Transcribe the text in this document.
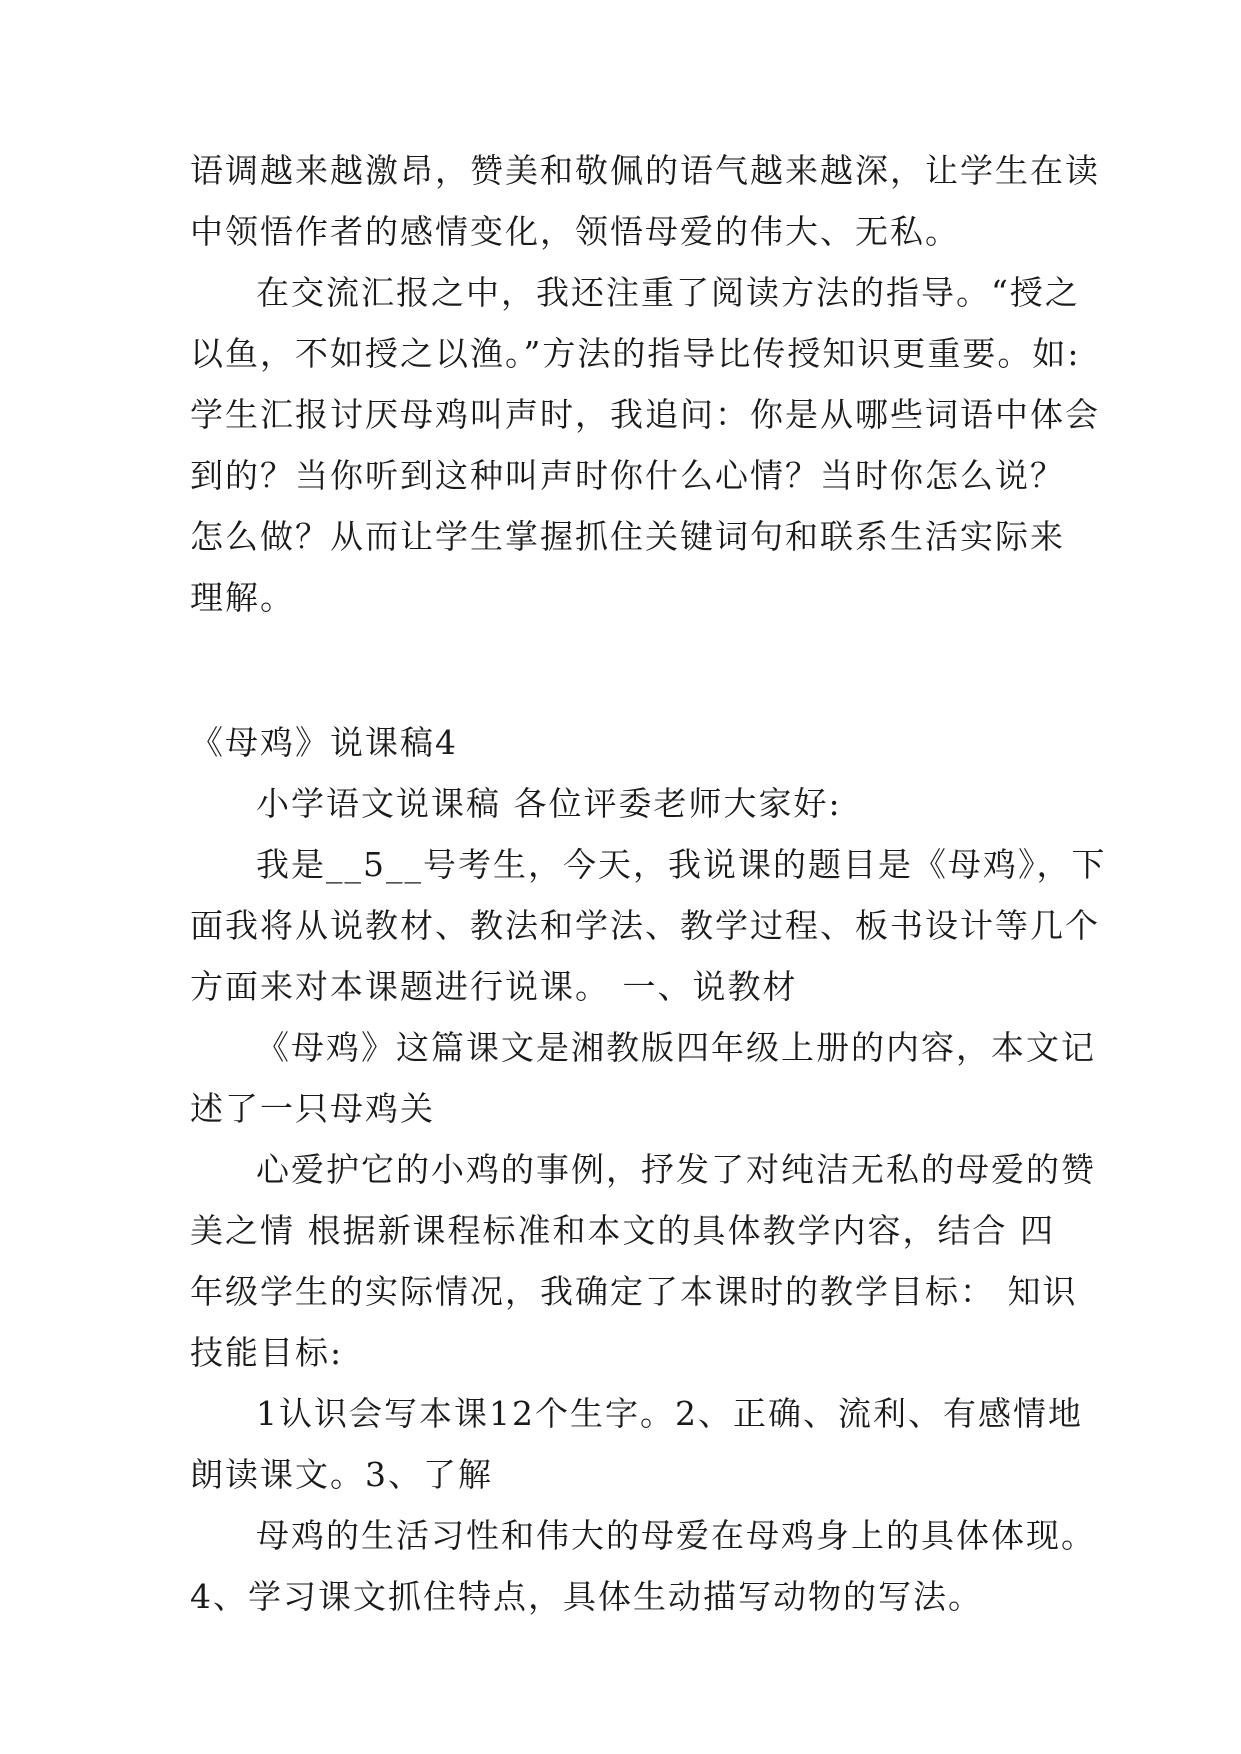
语调越来越激昂，赞美和敬佩的语气越来越深，让学生在读
中领悟作者的感情变化，领悟母爱的伟大、无私。
在交流汇报之中，我还注重了阅读方法的指导。“授之
以鱼，不如授之以渔。”方法的指导比传授知识更重要。如:
学生汇报讨厌母鸡叫声时，我追问：你是从哪些词语中体会
到的？当你听到这种叫声时你什么心情？当时你怎么说？
怎么做？从而让学生掌握抓住关键词句和联系生活实际来
理解。
《母鸡》说课稿4
小学语文说课稿 各位评委老师大家好:
我是__5__号考生，今天，我说课的题目是《母鸡》，下
面我将从说教材、教法和学法、教学过程、板书设计等几个
方面来对本课题进行说课。 一、说教材
《母鸡》这篇课文是湘教版四年级上册的内容，本文记
述了一只母鸡关
心爱护它的小鸡的事例，抒发了对纯洁无私的母爱的赞
美之情 根据新课程标准和本文的具体教学内容，结合 四
年级学生的实际情况，我确定了本课时的教学目标： 知识
技能目标:
1认识会写本课12个生字。2、正确、流利、有感情地
朗读课文。3、了解
母鸡的生活习性和伟大的母爱在母鸡身上的具体体现。
4、学习课文抓住特点，具体生动描写动物的写法。
